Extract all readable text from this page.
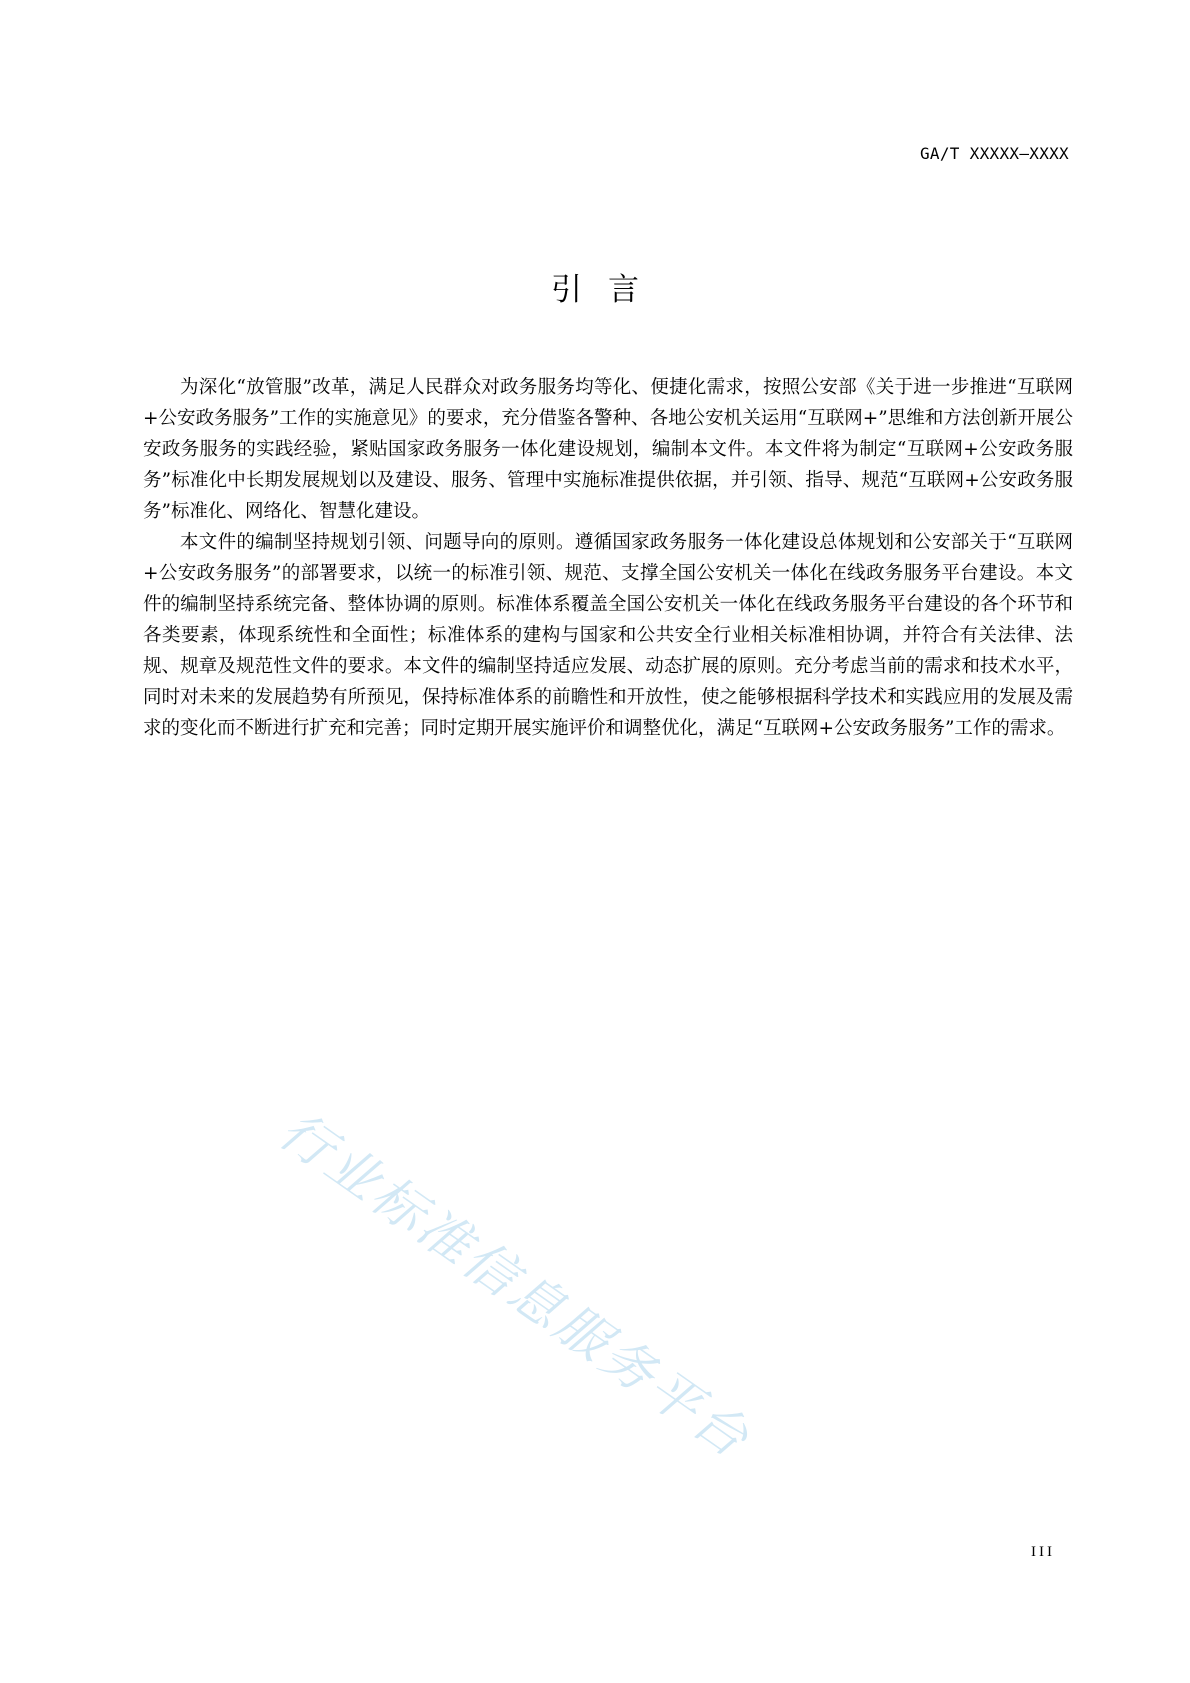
GA/T XXXXX—XXXX
引言

为深化“放管服”改革，满足人民群众对政务服务均等化、便捷化需求，按照公安部《关于进一步推进“互联网+公安政务服务”工作的实施意见》的要求，充分借鉴各警种、各地公安机关运用“互联网+”思维和方法创新开展公安政务服务的实践经验，紧贴国家政务服务一体化建设规划，编制本文件。本文件将为制定“互联网+公安政务服务”标准化中长期发展规划以及建设、服务、管理中实施标准提供依据，并引领、指导、规范“互联网+公安政务服务”标准化、网络化、智慧化建设。

本文件的编制坚持规划引领、问题导向的原则。遵循国家政务服务一体化建设总体规划和公安部关于“互联网+公安政务服务”的部署要求，以统一的标准引领、规范、支撑全国公安机关一体化在线政务服务平台建设。本文件的编制坚持系统完备、整体协调的原则。标准体系覆盖全国公安机关一体化在线政务服务平台建设的各个环节和各类要素，体现系统性和全面性；标准体系的建构与国家和公共安全行业相关标准相协调，并符合有关法律、法规、规章及规范性文件的要求。本文件的编制坚持适应发展、动态扩展的原则。充分考虑当前的需求和技术水平，同时对未来的发展趋势有所预见，保持标准体系的前瞻性和开放性，使之能够根据科学技术和实践应用的发展及需求的变化而不断进行扩充和完善；同时定期开展实施评价和调整优化，满足“互联网+公安政务服务”工作的需求。

行业标准信息服务平台
III
